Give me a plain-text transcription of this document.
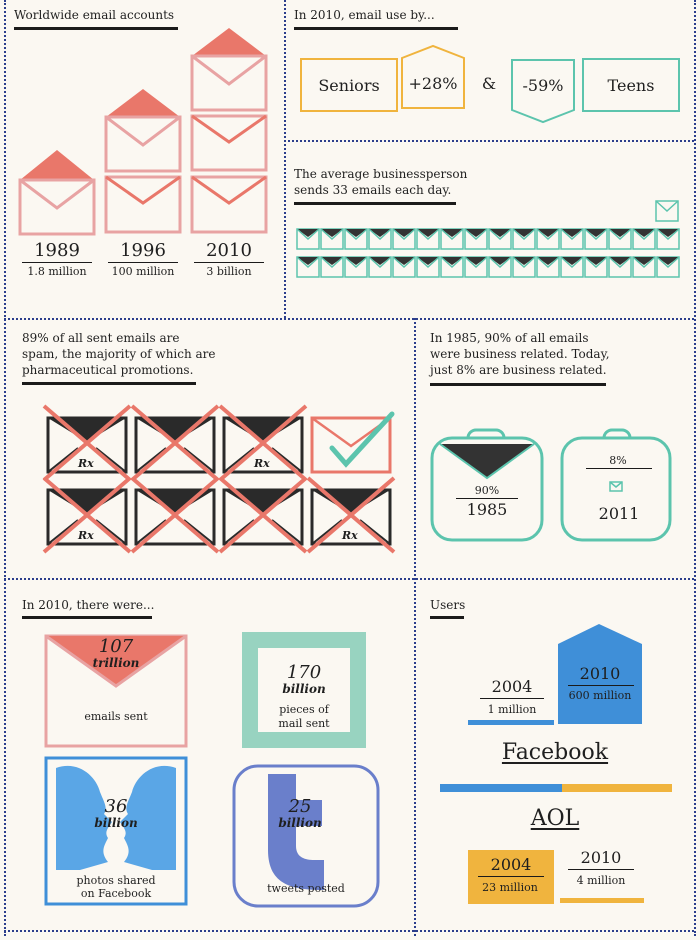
Worldwide email accounts
1989
1.8 million
1996
100 million
2010
3 billion
In 2010, email use by...
Seniors	+28%	&	-59%	Teens
The average businessperson
sends 33 emails each day.
89% of all sent emails are
spam, the majority of which are
pharmaceutical promotions.
Rx	Rx
Rx	Rx
In 1985, 90% of all emails
were business related. Today,
just 8% are business related.
90%
1985
8%
2011
In 2010, there were...
107
trillion
emails sent
170
billion
pieces of
mail sent
36
billion
photos shared
on Facebook
25
billion
tweets posted
Users
2004
1 million
2010
600 million
Facebook
AOL
2004
23 million
2010
4 million
